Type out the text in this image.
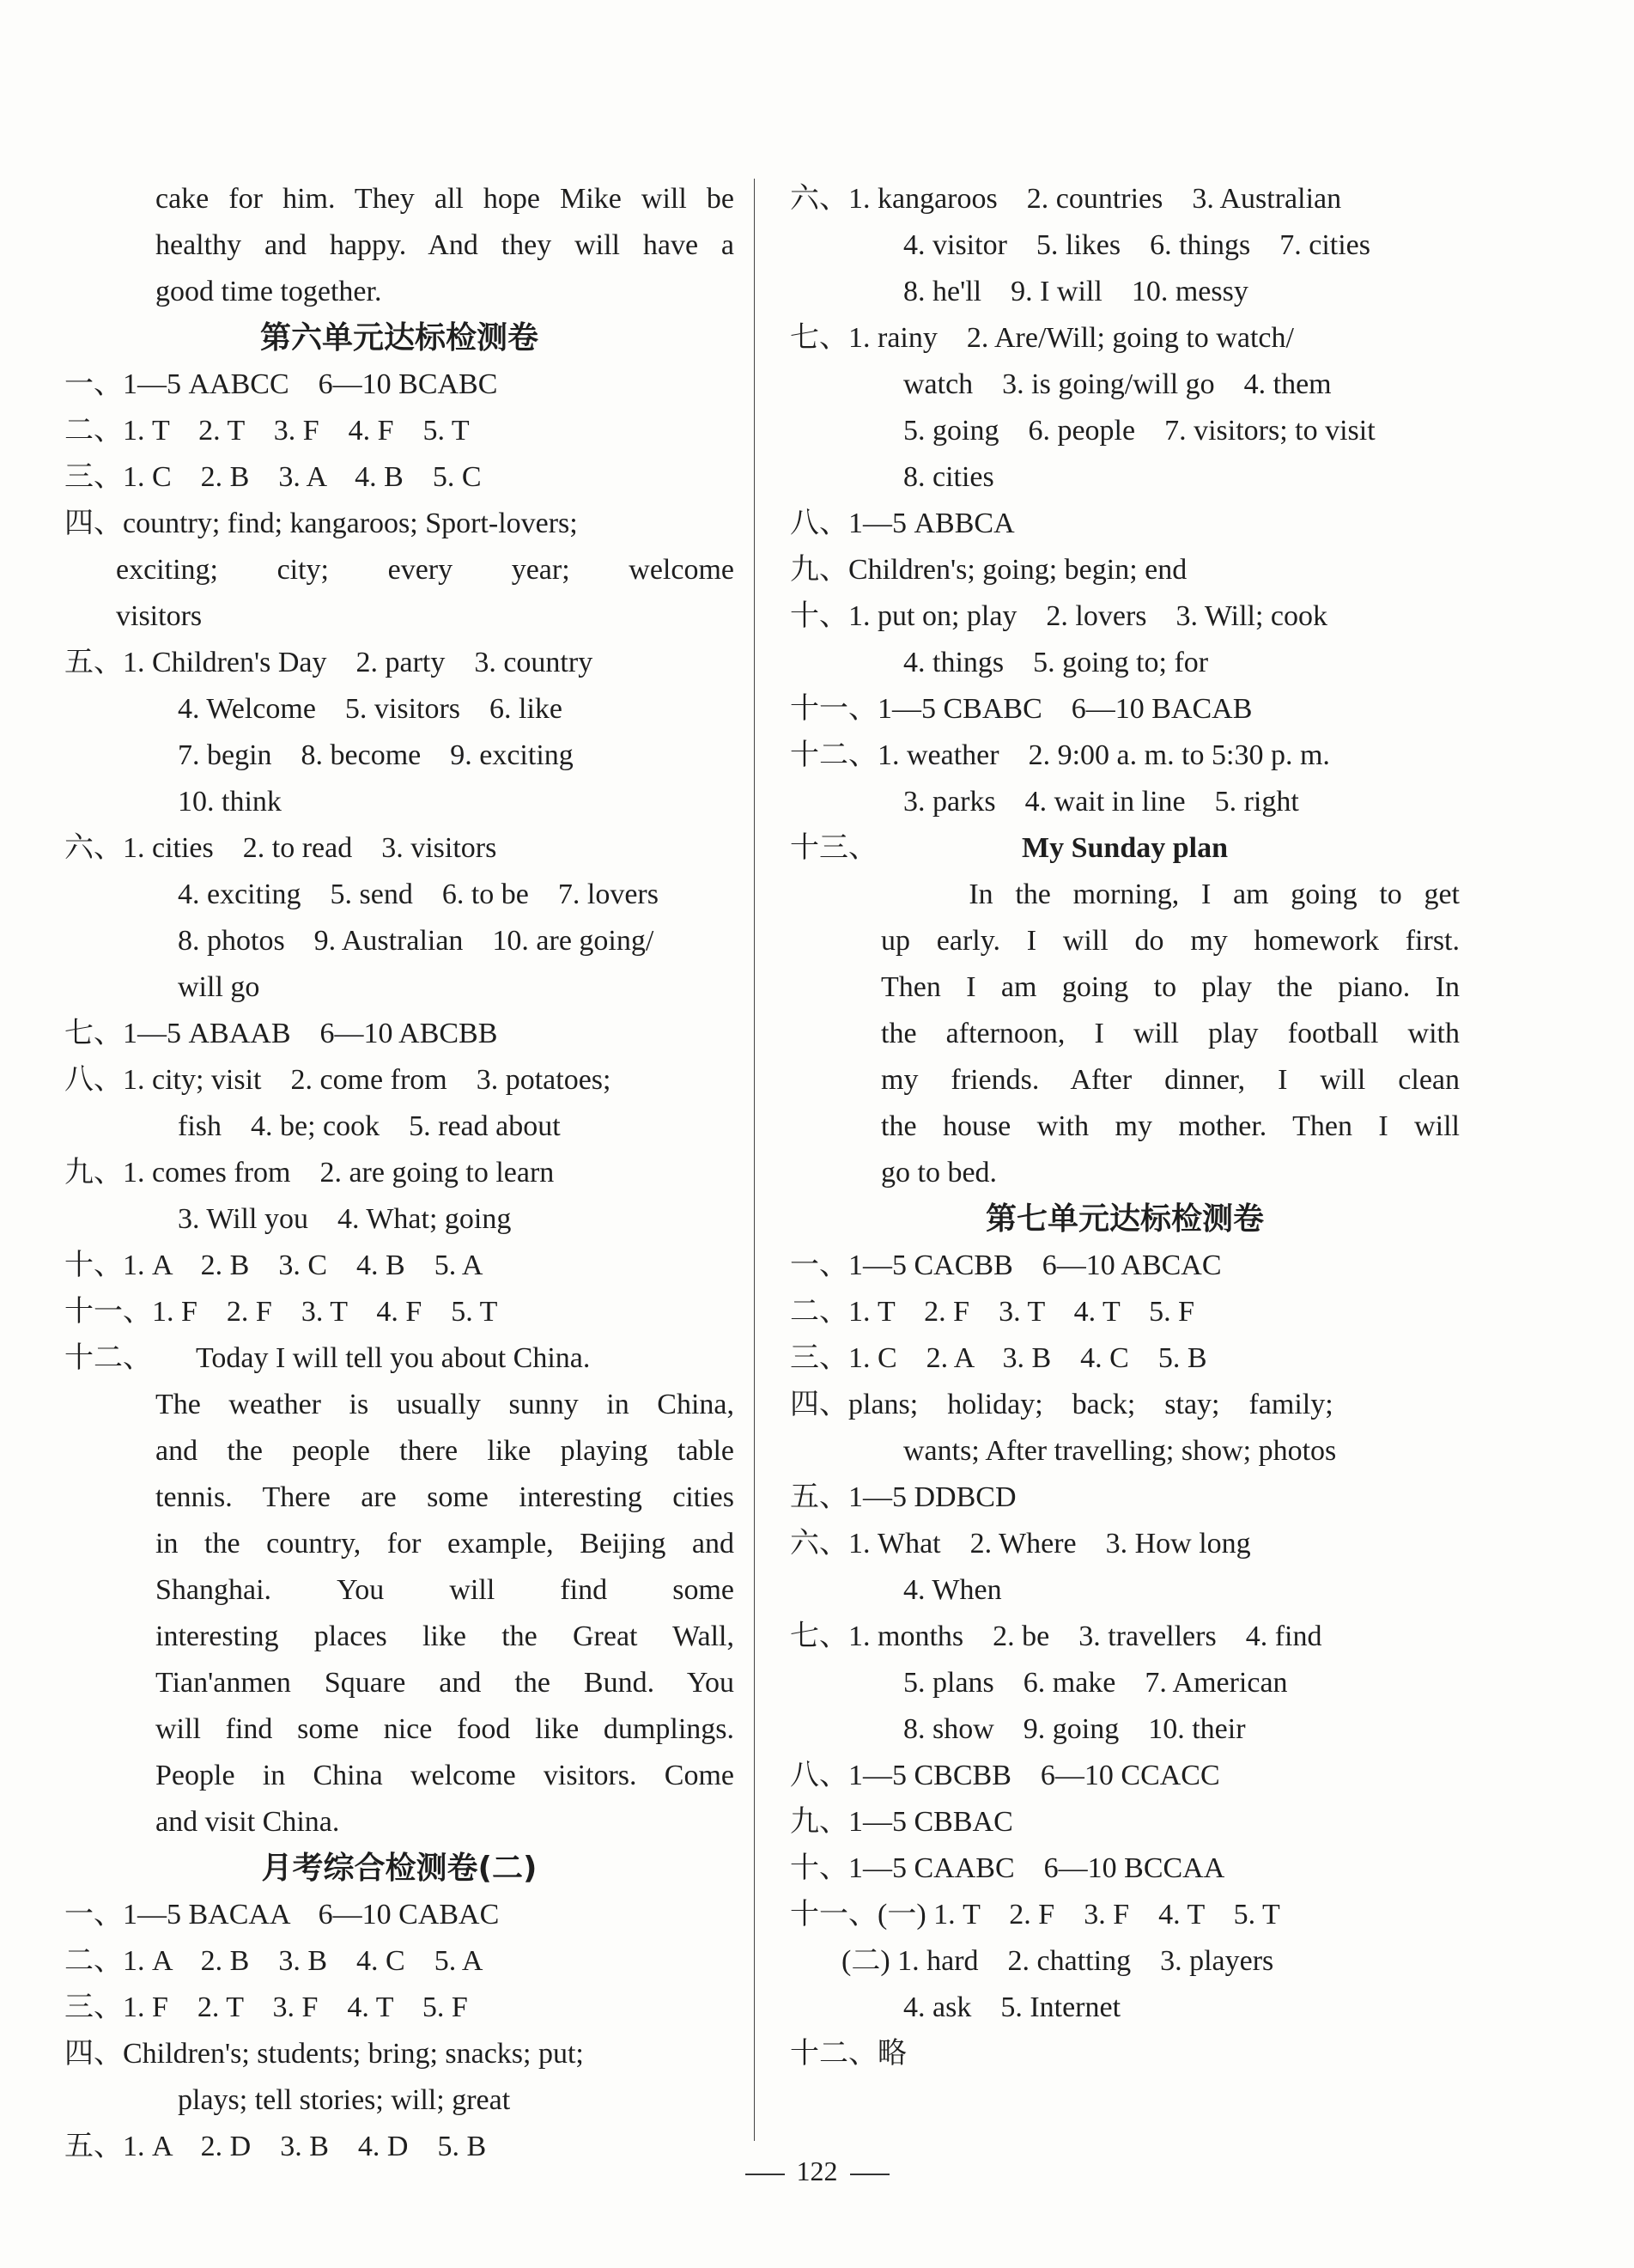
cake for him. They all hope Mike will be
healthy and happy. And they will have a
good time together.
第六单元达标检测卷
一、1—5 AABCC　6—10 BCABC
二、1. T　2. T　3. F　4. F　5. T
三、1. C　2. B　3. A　4. B　5. C
四、country; find; kangaroos; Sport-lovers;
exciting;　city;　every　year;　welcome
visitors
五、1. Children's Day　2. party　3. country
4. Welcome　5. visitors　6. like
7. begin　8. become　9. exciting
10. think
六、1. cities　2. to read　3. visitors
4. exciting　5. send　6. to be　7. lovers
8. photos　9. Australian　10. are going/
will go
七、1—5 ABAAB　6—10 ABCBB
八、1. city; visit　2. come from　3. potatoes;
fish　4. be; cook　5. read about
九、1. comes from　2. are going to learn
3. Will you　4. What; going
十、1. A　2. B　3. C　4. B　5. A
十一、1. F　2. F　3. T　4. F　5. T
十二、　　Today I will tell you about China.
The weather is usually sunny in China,
and the people there like playing table
tennis. There are some interesting cities
in the country, for example, Beijing and
Shanghai.　You　will　find　some
interesting places like the Great Wall,
Tian'anmen Square and the Bund. You
will find some nice food like dumplings.
People in China welcome visitors. Come
and visit China.
月考综合检测卷(二)
一、1—5 BACAA　6—10 CABAC
二、1. A　2. B　3. B　4. C　5. A
三、1. F　2. T　3. F　4. T　5. F
四、Children's; students; bring; snacks; put;
plays; tell stories; will; great
五、1. A　2. D　3. B　4. D　5. B
六、1. kangaroos　2. countries　3. Australian
4. visitor　5. likes　6. things　7. cities
8. he'll　9. I will　10. messy
七、1. rainy　2. Are/Will; going to watch/
watch　3. is going/will go　4. them
5. going　6. people　7. visitors; to visit
8. cities
八、1—5 ABBCA
九、Children's; going; begin; end
十、1. put on; play　2. lovers　3. Will; cook
4. things　5. going to; for
十一、1—5 CBABC　6—10 BACAB
十二、1. weather　2. 9:00 a. m. to 5:30 p. m.
3. parks　4. wait in line　5. right
十三、	My Sunday plan
　　In the morning, I am going to get
up early. I will do my homework first.
Then I am going to play the piano. In
the afternoon, I will play football with
my friends. After dinner, I will clean
the house with my mother. Then I will
go to bed.
第七单元达标检测卷
一、1—5 CACBB　6—10 ABCAC
二、1. T　2. F　3. T　4. T　5. F
三、1. C　2. A　3. B　4. C　5. B
四、plans;　holiday;　back;　stay;　family;
wants; After travelling; show; photos
五、1—5 DDBCD
六、1. What　2. Where　3. How long
4. When
七、1. months　2. be　3. travellers　4. find
5. plans　6. make　7. American
8. show　9. going　10. their
八、1—5 CBCBB　6—10 CCACC
九、1—5 CBBAC
十、1—5 CAABC　6—10 BCCAA
十一、(一) 1. T　2. F　3. F　4. T　5. T
(二) 1. hard　2. chatting　3. players
4. ask　5. Internet
十二、略
122
